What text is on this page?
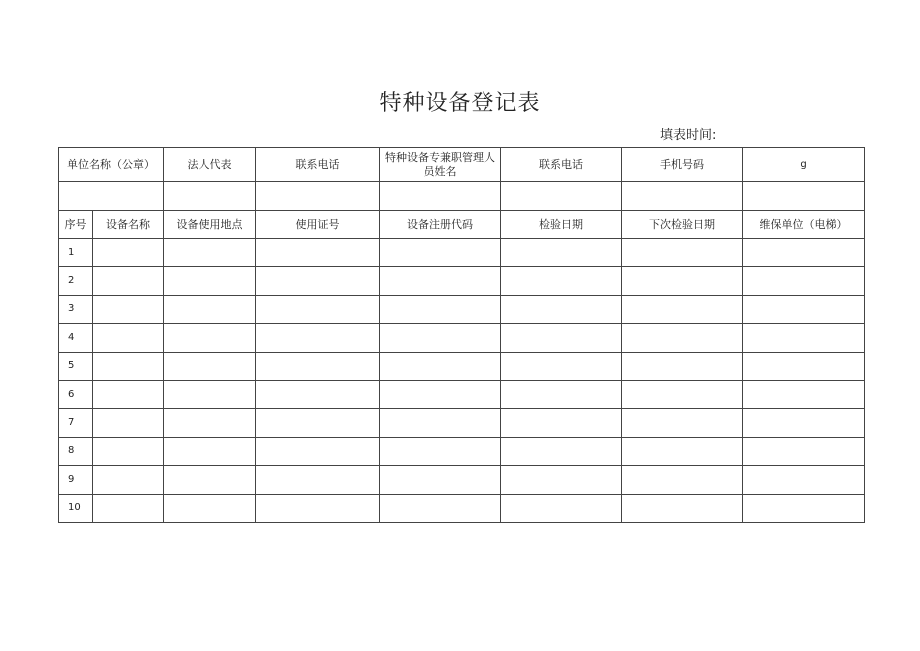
特种设备登记表
填表时间:
单位名称（公章）		法人代表	联系电话	特种设备专兼职管理人员姓名	联系电话	手机号码	g

序号	设备名称	设备使用地点	使用证号	设备注册代码	检验日期	下次检验日期	维保单位（电梯）
1							
2							
3							
4							
5							
6							
7							
8							
9							
10							
